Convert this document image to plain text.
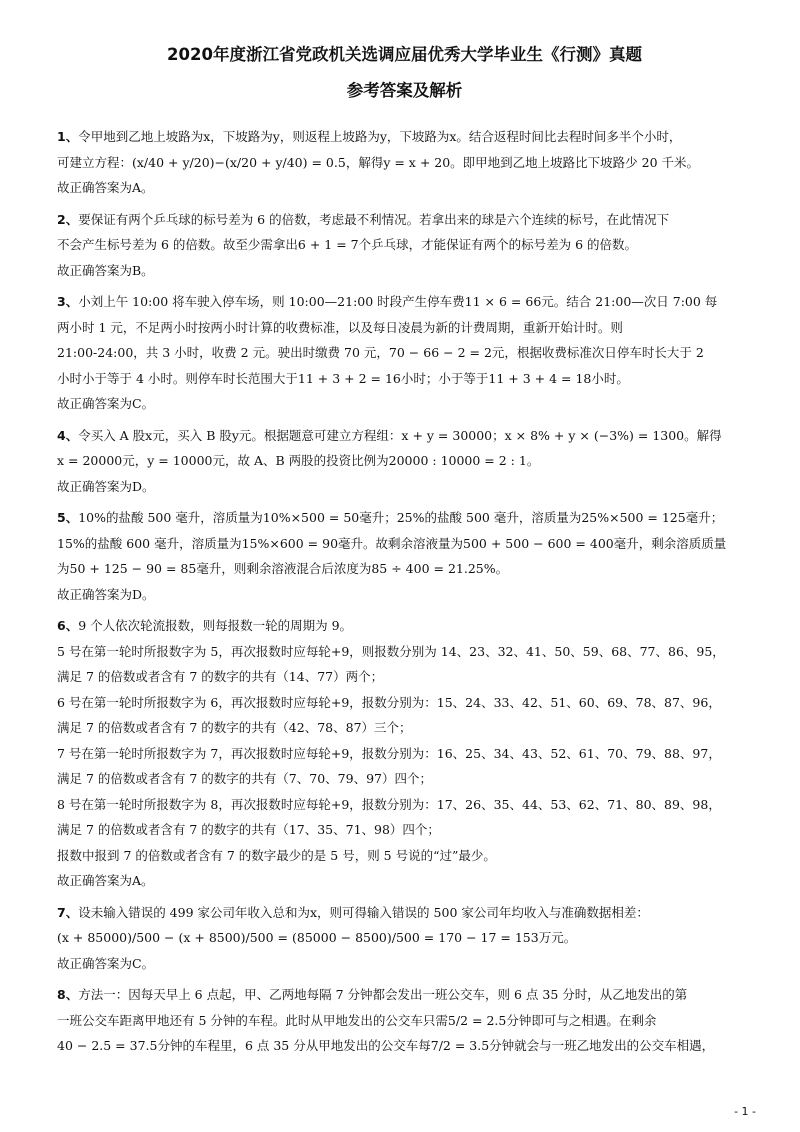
2020年度浙江省党政机关选调应届优秀大学毕业生《行测》真题
参考答案及解析
1、令甲地到乙地上坡路为x，下坡路为y，则返程上坡路为y，下坡路为x。结合返程时间比去程时间多半个小时，
可建立方程：(x/40 + y/20)−(x/20 + y/40) = 0.5，解得y = x + 20。即甲地到乙地上坡路比下坡路少 20 千米。
故正确答案为A。
2、要保证有两个乒乓球的标号差为 6 的倍数，考虑最不利情况。若拿出来的球是六个连续的标号，在此情况下
不会产生标号差为 6 的倍数。故至少需拿出6 + 1 = 7个乒乓球，才能保证有两个的标号差为 6 的倍数。
故正确答案为B。
3、小刘上午 10:00 将车驶入停车场，则 10:00—21:00 时段产生停车费11 × 6 = 66元。结合 21:00—次日 7:00 每
两小时 1 元，不足两小时按两小时计算的收费标准，以及每日凌晨为新的计费周期，重新开始计时。则
21:00-24:00，共 3 小时，收费 2 元。驶出时缴费 70 元，70 − 66 − 2 = 2元，根据收费标准次日停车时长大于 2
小时小于等于 4 小时。则停车时长范围大于11 + 3 + 2 = 16小时；小于等于11 + 3 + 4 = 18小时。
故正确答案为C。
4、令买入 A 股x元，买入 B 股y元。根据题意可建立方程组：x + y = 30000；x × 8% + y × (−3%) = 1300。解得
x = 20000元，y = 10000元，故 A、B 两股的投资比例为20000 : 10000 = 2 : 1。
故正确答案为D。
5、10%的盐酸 500 毫升，溶质量为10%×500 = 50毫升；25%的盐酸 500 毫升，溶质量为25%×500 = 125毫升；
15%的盐酸 600 毫升，溶质量为15%×600 = 90毫升。故剩余溶液量为500 + 500 − 600 = 400毫升，剩余溶质质量
为50 + 125 − 90 = 85毫升，则剩余溶液混合后浓度为85 ÷ 400 = 21.25%。
故正确答案为D。
6、9 个人依次轮流报数，则每报数一轮的周期为 9。
5 号在第一轮时所报数字为 5，再次报数时应每轮+9，则报数分别为 14、23、32、41、50、59、68、77、86、95，
满足 7 的倍数或者含有 7 的数字的共有（14、77）两个；
6 号在第一轮时所报数字为 6，再次报数时应每轮+9，报数分别为：15、24、33、42、51、60、69、78、87、96，
满足 7 的倍数或者含有 7 的数字的共有（42、78、87）三个；
7 号在第一轮时所报数字为 7，再次报数时应每轮+9，报数分别为：16、25、34、43、52、61、70、79、88、97，
满足 7 的倍数或者含有 7 的数字的共有（7、70、79、97）四个；
8 号在第一轮时所报数字为 8，再次报数时应每轮+9，报数分别为：17、26、35、44、53、62、71、80、89、98，
满足 7 的倍数或者含有 7 的数字的共有（17、35、71、98）四个；
报数中报到 7 的倍数或者含有 7 的数字最少的是 5 号，则 5 号说的“过”最少。
故正确答案为A。
7、设未输入错误的 499 家公司年收入总和为x，则可得输入错误的 500 家公司年均收入与准确数据相差：
(x + 85000)/500 − (x + 8500)/500 = (85000 − 8500)/500 = 170 − 17 = 153万元。
故正确答案为C。
8、方法一：因每天早上 6 点起，甲、乙两地每隔 7 分钟都会发出一班公交车，则 6 点 35 分时，从乙地发出的第
一班公交车距离甲地还有 5 分钟的车程。此时从甲地发出的公交车只需5/2 = 2.5分钟即可与之相遇。在剩余
40 − 2.5 = 37.5分钟的车程里，6 点 35 分从甲地发出的公交车每7/2 = 3.5分钟就会与一班乙地发出的公交车相遇，
- 1 -
